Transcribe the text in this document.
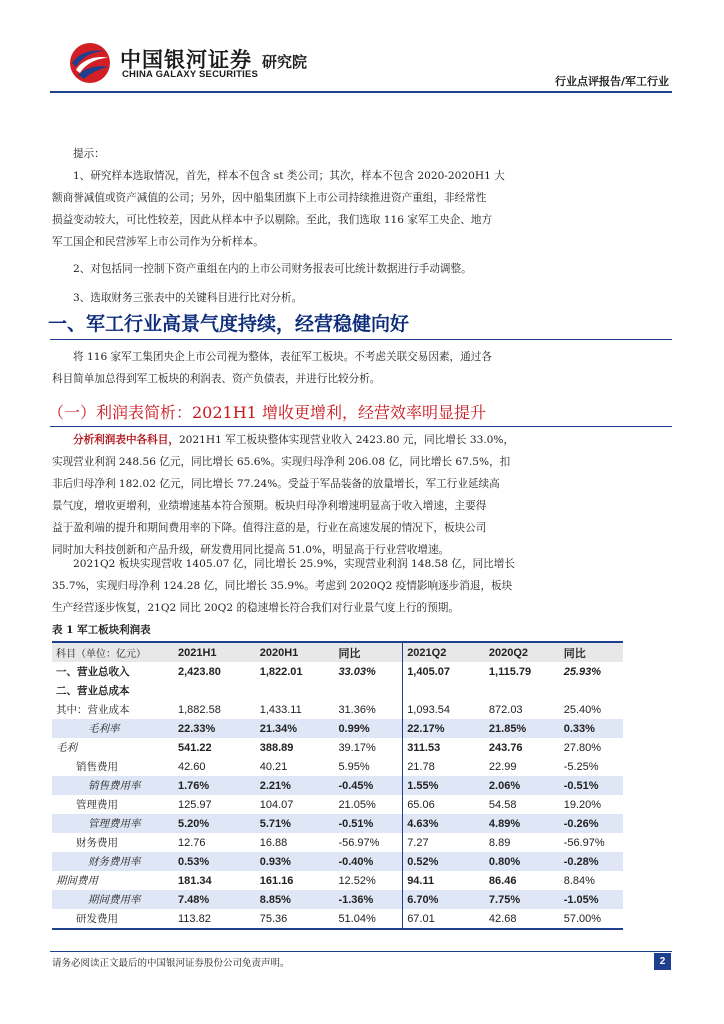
中国银河证券
CHINA GALAXY SECURITIES
研究院
行业点评报告/军工行业
提示：
1、研究样本选取情况，首先，样本不包含 st 类公司；其次，样本不包含 2020-2020H1 大
额商誉减值或资产减值的公司；另外，因中船集团旗下上市公司持续推进资产重组，非经常性
损益变动较大，可比性较差，因此从样本中予以剔除。至此，我们选取 116 家军工央企、地方
军工国企和民营涉军上市公司作为分析样本。
2、对包括同一控制下资产重组在内的上市公司财务报表可比统计数据进行手动调整。
3、选取财务三张表中的关键科目进行比对分析。
一、军工行业高景气度持续，经营稳健向好
将 116 家军工集团央企上市公司视为整体，表征军工板块。不考虑关联交易因素，通过各
科目简单加总得到军工板块的利润表、资产负债表，并进行比较分析。
（一）利润表简析：2021H1 增收更增利，经营效率明显提升
分析利润表中各科目，2021H1 军工板块整体实现营业收入 2423.80 元，同比增长 33.0%，
实现营业利润 248.56 亿元，同比增长 65.6%。实现归母净利 206.08 亿，同比增长 67.5%，扣
非后归母净利 182.02 亿元，同比增长 77.24%。受益于军品装备的放量增长，军工行业延续高
景气度，增收更增利，业绩增速基本符合预期。板块归母净利增速明显高于收入增速，主要得
益于盈利端的提升和期间费用率的下降。值得注意的是，行业在高速发展的情况下，板块公司
同时加大科技创新和产品升级，研发费用同比提高 51.0%，明显高于行业营收增速。
2021Q2 板块实现营收 1405.07 亿，同比增长 25.9%，实现营业利润 148.58 亿，同比增长
35.7%，实现归母净利 124.28 亿，同比增长 35.9%。考虑到 2020Q2 疫情影响逐步消退，板块
生产经营逐步恢复，21Q2 同比 20Q2 的稳速增长符合我们对行业景气度上行的预期。
表 1 军工板块利润表
科目（单位：亿元）	2021H1	2020H1	同比	2021Q2	2020Q2	同比
一、营业总收入	2,423.80	1,822.01	33.03%	1,405.07	1,115.79	25.93%
二、营业总成本						
其中：营业成本	1,882.58	1,433.11	31.36%	1,093.54	872.03	25.40%
毛利率	22.33%	21.34%	0.99%	22.17%	21.85%	0.33%
毛利	541.22	388.89	39.17%	311.53	243.76	27.80%
销售费用	42.60	40.21	5.95%	21.78	22.99	-5.25%
销售费用率	1.76%	2.21%	-0.45%	1.55%	2.06%	-0.51%
管理费用	125.97	104.07	21.05%	65.06	54.58	19.20%
管理费用率	5.20%	5.71%	-0.51%	4.63%	4.89%	-0.26%
财务费用	12.76	16.88	-56.97%	7.27	8.89	-56.97%
财务费用率	0.53%	0.93%	-0.40%	0.52%	0.80%	-0.28%
期间费用	181.34	161.16	12.52%	94.11	86.46	8.84%
期间费用率	7.48%	8.85%	-1.36%	6.70%	7.75%	-1.05%
研发费用	113.82	75.36	51.04%	67.01	42.68	57.00%
请务必阅读正文最后的中国银河证券股份公司免责声明。	2
